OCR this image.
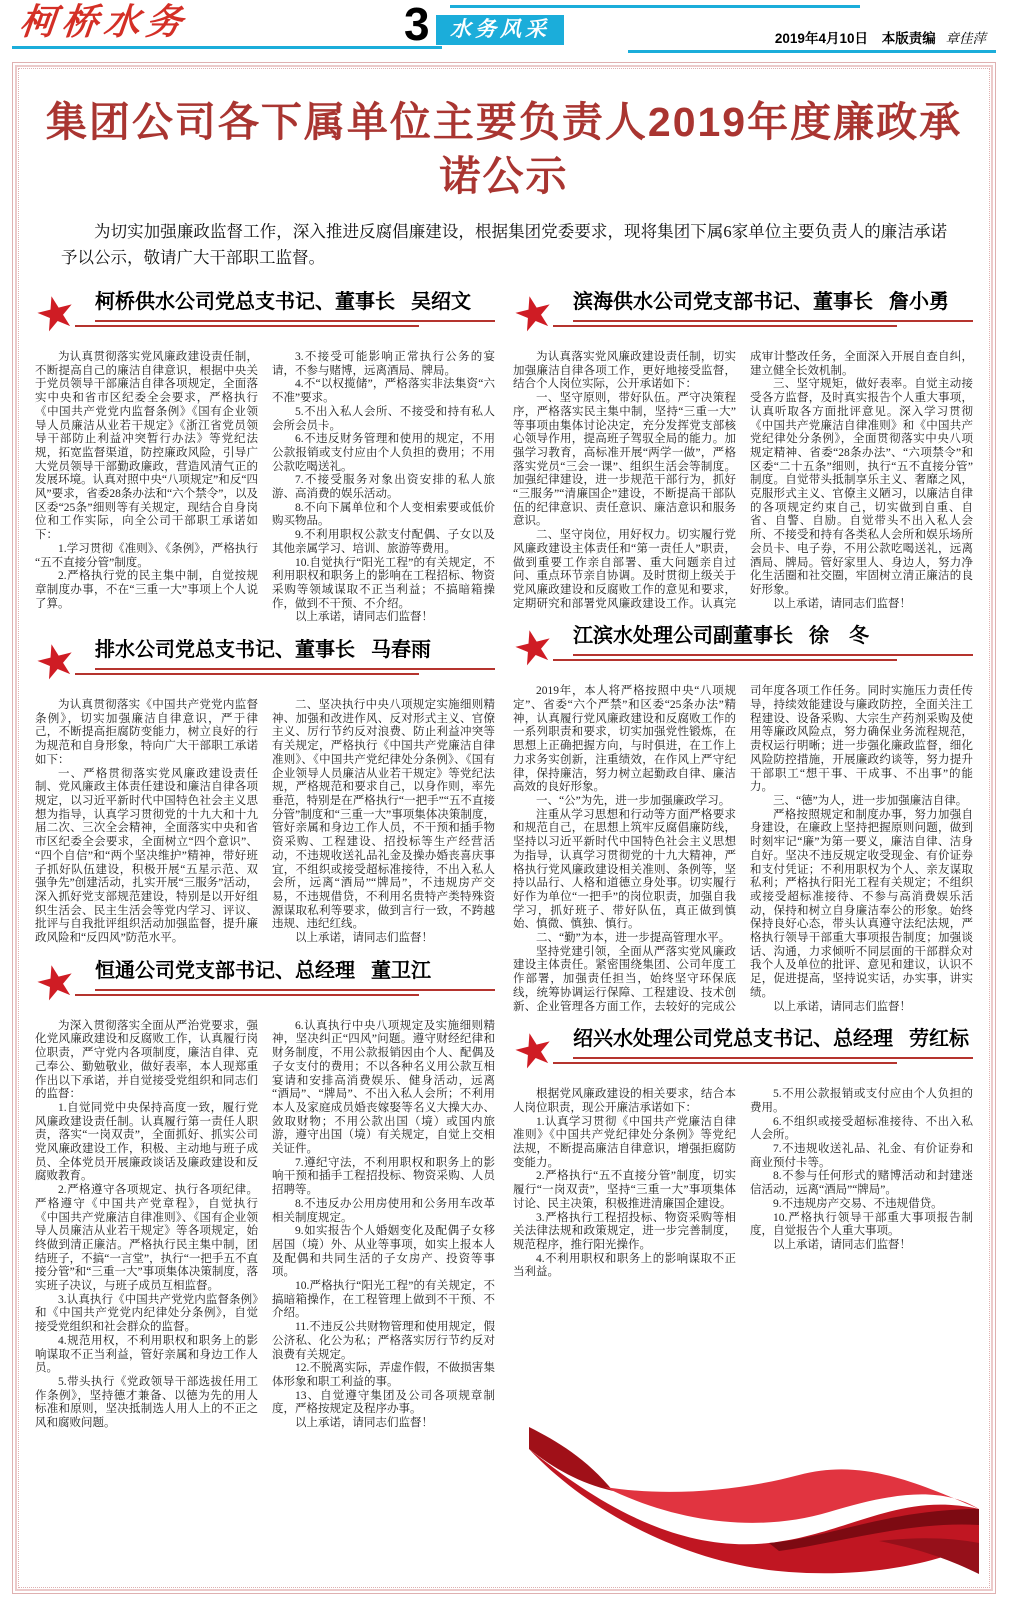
柯桥水务	3 水务风采	2019年4月10日 本版责编 章佳萍
集团公司各下属单位主要负责人2019年度廉政承诺公示

为切实加强廉政监督工作，深入推进反腐倡廉建设，根据集团党委要求，现将集团下属6家单位主要负责人的廉洁承诺予以公示，敬请广大干部职工监督。

★ 柯桥供水公司党总支书记、董事长 吴绍文

为认真贯彻落实党风廉政建设责任制，不断提高自己的廉洁自律意识，根据中央关于党员领导干部廉洁自律各项规定，全面落实中央和省市区纪委全会要求，严格执行《中国共产党党内监督条例》《国有企业领导人员廉洁从业若干规定》《浙江省党员领导干部防止利益冲突暂行办法》等党纪法规，拓宽监督渠道，防控廉政风险，引导广大党员领导干部勤政廉政，营造风清气正的发展环境。认真对照中央“八项规定”和反“四风”要求，省委28条办法和“六个禁令”，以及区委“25条”细则等有关规定，现结合自身岗位和工作实际，向全公司干部职工承诺如下：

1.学习贯彻《准则》、《条例》，严格执行“五不直接分管”制度。

2.严格执行党的民主集中制，自觉按规章制度办事，不在“三重一大”事项上个人说了算。

3.不接受可能影响正常执行公务的宴请，不参与赌博，远离酒局、牌局。

4.不“以权揽储”，严格落实非法集资“六不准”要求。

5.不出入私人会所、不接受和持有私人会所会员卡。

6.不违反财务管理和使用的规定，不用公款报销或支付应由个人负担的费用；不用公款吃喝送礼。

7.不接受服务对象出资安排的私人旅游、高消费的娱乐活动。

8.不向下属单位和个人变相索要或低价购买物品。

9.不利用职权公款支付配偶、子女以及其他亲属学习、培训、旅游等费用。

10.自觉执行“阳光工程”的有关规定，不利用职权和职务上的影响在工程招标、物资采购等领域谋取不正当利益；不搞暗箱操作，做到不干预、不介绍。

以上承诺，请同志们监督！

★ 排水公司党总支书记、董事长 马春雨

为认真贯彻落实《中国共产党党内监督条例》，切实加强廉洁自律意识，严于律己，不断提高拒腐防变能力，树立良好的行为规范和自身形象，特向广大干部职工承诺如下：

一、严格贯彻落实党风廉政建设责任制、党风廉政主体责任建设和廉洁自律各项规定，以习近平新时代中国特色社会主义思想为指导，认真学习贯彻党的十九大和十九届二次、三次全会精神，全面落实中央和省市区纪委全会要求，全面树立“四个意识”、“四个自信”和“两个坚决维护”精神，带好班子抓好队伍建设，积极开展“五星示范、双强争先”创建活动，扎实开展“三服务”活动，深入抓好党支部规范建设，特别是以开好组织生活会、民主生活会等党内学习、评议、批评与自我批评组织活动加强监督，提升廉政风险和“反四风”防范水平。

二、坚决执行中央八项规定实施细则精神、加强和改进作风、反对形式主义、官僚主义、厉行节约反对浪费、防止利益冲突等有关规定，严格执行《中国共产党廉洁自律准则》、《中国共产党纪律处分条例》、《国有企业领导人员廉洁从业若干规定》等党纪法规，严格规范和要求自己，以身作则，率先垂范，特别是在严格执行“一把手”“五不直接分管”制度和“三重一大”事项集体决策制度，管好亲属和身边工作人员，不干预和插手物资采购、工程建设、招投标等生产经营活动，不违规收送礼品礼金及操办婚丧喜庆事宜，不组织或接受超标准接待，不出入私人会所，远离“酒局”“牌局”，不违规房产交易，不违规借贷，不利用名贵特产类特殊资源谋取私利等要求，做到言行一致，不跨越违规、违纪红线。

以上承诺，请同志们监督！

★ 恒通公司党支部书记、总经理 董卫江

为深入贯彻落实全面从严治党要求，强化党风廉政建设和反腐败工作，认真履行岗位职责，严守党内各项制度，廉洁自律、克己奉公、勤勉敬业，做好表率，本人现郑重作出以下承诺，并自觉接受党组织和同志们的监督：

1.自觉同党中央保持高度一致，履行党风廉政建设责任制。认真履行第一责任人职责，落实“一岗双责”，全面抓好、抓实公司党风廉政建设工作，积极、主动地与班子成员、全体党员开展廉政谈话及廉政建设和反腐败教育。

2.严格遵守各项规定、执行各项纪律。严格遵守《中国共产党章程》，自觉执行《中国共产党廉洁自律准则》、《国有企业领导人员廉洁从业若干规定》等各项规定，始终做到清正廉洁。严格执行民主集中制，团结班子，不搞“一言堂”，执行“一把手五不直接分管”和“三重一大”事项集体决策制度，落实班子决议，与班子成员互相监督。

3.认真执行《中国共产党党内监督条例》和《中国共产党党内纪律处分条例》，自觉接受党组织和社会群众的监督。

4.规范用权，不利用职权和职务上的影响谋取不正当利益，管好亲属和身边工作人员。

5.带头执行《党政领导干部选拔任用工作条例》，坚持德才兼备、以德为先的用人标准和原则，坚决抵制选人用人上的不正之风和腐败问题。

6.认真执行中央八项规定及实施细则精神，坚决纠正“四风”问题。遵守财经纪律和财务制度，不用公款报销因由个人、配偶及子女支付的费用；不以各种名义用公款互相宴请和安排高消费娱乐、健身活动，远离“酒局”、“牌局”、不出入私人会所；不利用本人及家庭成员婚丧嫁娶等名义大操大办、敛取财物；不用公款出国（境）或国内旅游，遵守出国（境）有关规定，自觉上交相关证件。

7.遵纪守法，不利用职权和职务上的影响干预和插手工程招投标、物资采购、人员招聘等。

8.不违反办公用房使用和公务用车改革相关制度规定。

9.如实报告个人婚姻变化及配偶子女移居国（境）外、从业等事项，如实上报本人及配偶和共同生活的子女房产、投资等事项。

10.严格执行“阳光工程”的有关规定，不搞暗箱操作，在工程管理上做到不干预、不介绍。

11.不违反公共财物管理和使用规定，假公济私、化公为私；严格落实厉行节约反对浪费有关规定。

12.不脱离实际，弄虚作假，不做损害集体形象和职工利益的事。

13、自觉遵守集团及公司各项规章制度，严格按规定及程序办事。

以上承诺，请同志们监督！

★ 滨海供水公司党支部书记、董事长 詹小勇

为认真落实党风廉政建设责任制，切实加强廉洁自律各项工作，更好地接受监督，结合个人岗位实际，公开承诺如下：

一、坚守原则，带好队伍。严守决策程序，严格落实民主集中制，坚持“三重一大”等事项由集体讨论决定，充分发挥党支部核心领导作用，提高班子驾驭全局的能力。加强学习教育，高标准开展“两学一做”，严格落实党员“三会一课”、组织生活会等制度。加强纪律建设，进一步规范干部行为，抓好“三服务”“清廉国企”建设，不断提高干部队伍的纪律意识、责任意识、廉洁意识和服务意识。

二、坚守岗位，用好权力。切实履行党风廉政建设主体责任和“第一责任人”职责，做到重要工作亲自部署、重大问题亲自过问、重点环节亲自协调。及时贯彻上级关于党风廉政建设和反腐败工作的意见和要求，定期研究和部署党风廉政建设工作。认真完成审计整改任务，全面深入开展自查自纠，建立健全长效机制。

三、坚守规矩，做好表率。自觉主动接受各方监督，及时真实报告个人重大事项，认真听取各方面批评意见。深入学习贯彻《中国共产党廉洁自律准则》和《中国共产党纪律处分条例》，全面贯彻落实中央八项规定精神、省委“28条办法”、“六项禁令”和区委“二十五条”细则，执行“五不直接分管”制度。自觉带头抵制享乐主义、奢靡之风，克服形式主义、官僚主义陋习，以廉洁自律的各项规定约束自己，切实做到自重、自省、自警、自励。自觉带头不出入私人会所、不接受和持有各类私人会所和娱乐场所会员卡、电子券，不用公款吃喝送礼，远离酒局、牌局。管好家里人、身边人，努力净化生活圈和社交圈，牢固树立清正廉洁的良好形象。

以上承诺，请同志们监督！

★ 江滨水处理公司副董事长 徐　冬

2019年，本人将严格按照中央“八项规定”、省委“六个严禁”和区委“25条办法”精神，认真履行党风廉政建设和反腐败工作的一系列职责和要求，切实加强党性锻炼，在思想上正确把握方向，与时俱进，在工作上力求务实创新，注重绩效，在作风上严守纪律，保持廉洁，努力树立起勤政自律、廉洁高效的良好形象。

一、“公”为先，进一步加强廉政学习。

注重从学习思想和行动等方面严格要求和规范自己，在思想上筑牢反腐倡廉防线，坚持以习近平新时代中国特色社会主义思想为指导，认真学习贯彻党的十九大精神，严格执行党风廉政建设相关准则、条例等，坚持以品行、人格和道德立身处事。切实履行好作为单位“一把手”的岗位职责，加强自我学习，抓好班子、带好队伍，真正做到慎始、慎微、慎独、慎行。

二、“勤”为本，进一步提高管理水平。

坚持党建引领，全面从严落实党风廉政建设主体责任。紧密围绕集团、公司年度工作部署，加强责任担当，始终坚守环保底线，统筹协调运行保障、工程建设、技术创新、企业管理各方面工作，去较好的完成公司年度各项工作任务。同时实施压力责任传导，持续效能建设与廉政防控，全面关注工程建设、设备采购、大宗生产药剂采购及使用等廉政风险点，努力确保业务流程规范，责权运行明晰；进一步强化廉政监督，细化风险防控措施，开展廉政约谈等，努力提升干部职工“想干事、干成事、不出事”的能力。

三、“德”为人，进一步加强廉洁自律。

严格按照规定和制度办事，努力加强自身建设，在廉政上坚持把握原则问题，做到时刻牢记“廉”为第一要义，廉洁自律、洁身自好。坚决不违反规定收受现金、有价证券和支付凭证；不利用职权为个人、亲友谋取私利；严格执行阳光工程有关规定；不组织或接受超标准接待、不参与高消费娱乐活动，保持和树立自身廉洁奉公的形象。始终保持良好心态，带头认真遵守法纪法规，严格执行领导干部重大事项报告制度；加强谈话、沟通，力求倾听不同层面的干部群众对我个人及单位的批评、意见和建议，认识不足，促进提高，坚持说实话，办实事，讲实绩。

以上承诺，请同志们监督！

★ 绍兴水处理公司党总支书记、总经理 劳红标

根据党风廉政建设的相关要求，结合本人岗位职责，现公开廉洁承诺如下：

1.认真学习贯彻《中国共产党廉洁自律准则》《中国共产党纪律处分条例》等党纪法规，不断提高廉洁自律意识，增强拒腐防变能力。

2.严格执行“五不直接分管”制度，切实履行“一岗双责”，坚持“三重一大”事项集体讨论、民主决策，积极推进清廉国企建设。

3.严格执行工程招投标、物资采购等相关法律法规和政策规定，进一步完善制度，规范程序，推行阳光操作。

4.不利用职权和职务上的影响谋取不正当利益。

5.不用公款报销或支付应由个人负担的费用。

6.不组织或接受超标准接待、不出入私人会所。

7.不违规收送礼品、礼金、有价证券和商业预付卡等。

8.不参与任何形式的赌博活动和封建迷信活动，远离“酒局”“牌局”。

9.不违规房产交易、不违规借贷。

10.严格执行领导干部重大事项报告制度，自觉报告个人重大事项。

以上承诺，请同志们监督！
